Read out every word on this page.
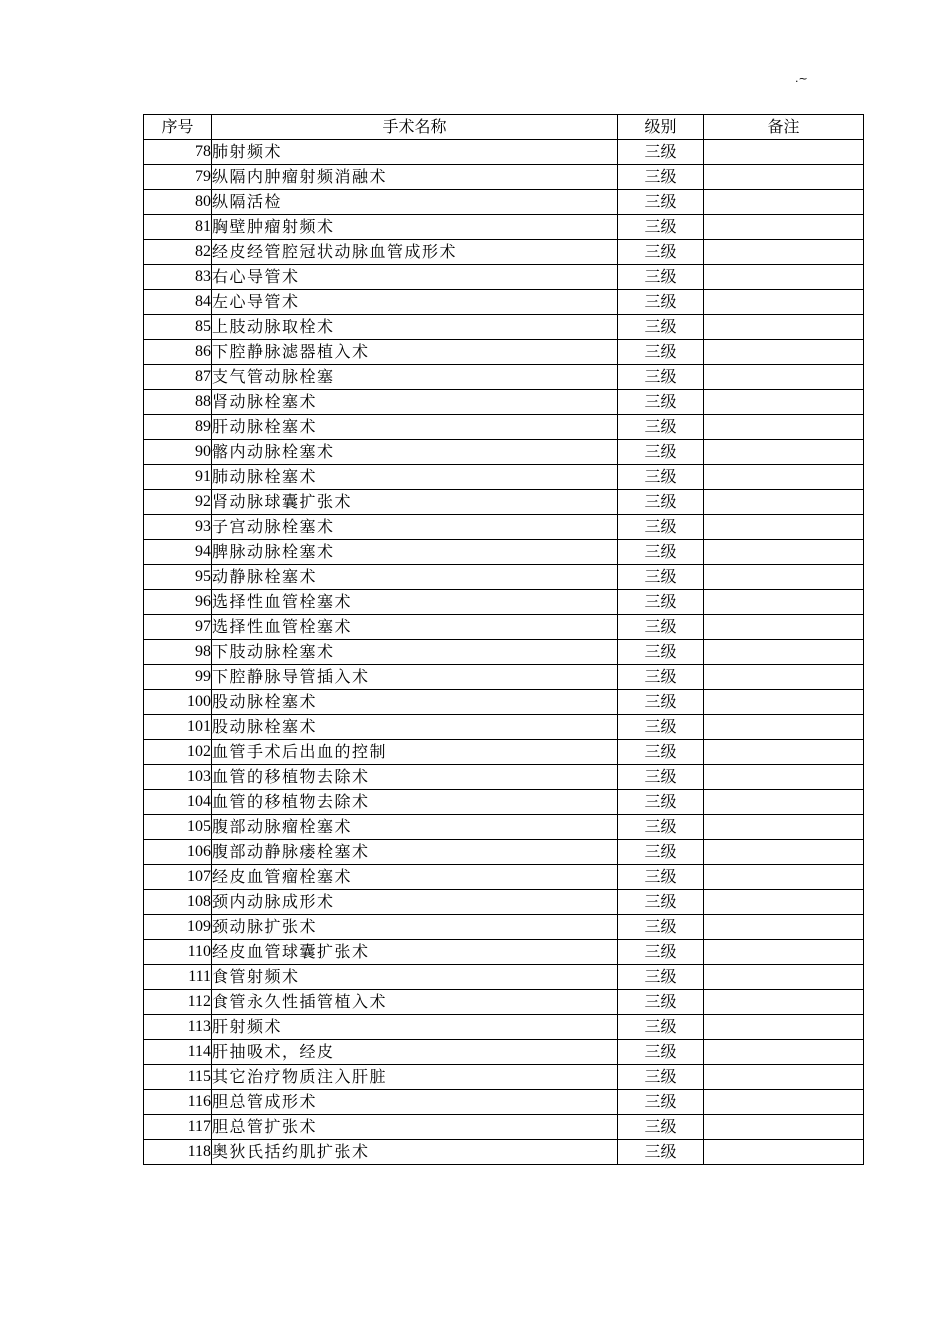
.~
序号	手术名称	级别	备注
78	肺射频术	三级	
79	纵隔内肿瘤射频消融术	三级	
80	纵隔活检	三级	
81	胸壁肿瘤射频术	三级	
82	经皮经管腔冠状动脉血管成形术	三级	
83	右心导管术	三级	
84	左心导管术	三级	
85	上肢动脉取栓术	三级	
86	下腔静脉滤器植入术	三级	
87	支气管动脉栓塞	三级	
88	肾动脉栓塞术	三级	
89	肝动脉栓塞术	三级	
90	髂内动脉栓塞术	三级	
91	肺动脉栓塞术	三级	
92	肾动脉球囊扩张术	三级	
93	子宫动脉栓塞术	三级	
94	脾脉动脉栓塞术	三级	
95	动静脉栓塞术	三级	
96	选择性血管栓塞术	三级	
97	选择性血管栓塞术	三级	
98	下肢动脉栓塞术	三级	
99	下腔静脉导管插入术	三级	
100	股动脉栓塞术	三级	
101	股动脉栓塞术	三级	
102	血管手术后出血的控制	三级	
103	血管的移植物去除术	三级	
104	血管的移植物去除术	三级	
105	腹部动脉瘤栓塞术	三级	
106	腹部动静脉瘘栓塞术	三级	
107	经皮血管瘤栓塞术	三级	
108	颈内动脉成形术	三级	
109	颈动脉扩张术	三级	
110	经皮血管球囊扩张术	三级	
111	食管射频术	三级	
112	食管永久性插管植入术	三级	
113	肝射频术	三级	
114	肝抽吸术，经皮	三级	
115	其它治疗物质注入肝脏	三级	
116	胆总管成形术	三级	
117	胆总管扩张术	三级	
118	奥狄氏括约肌扩张术	三级	
